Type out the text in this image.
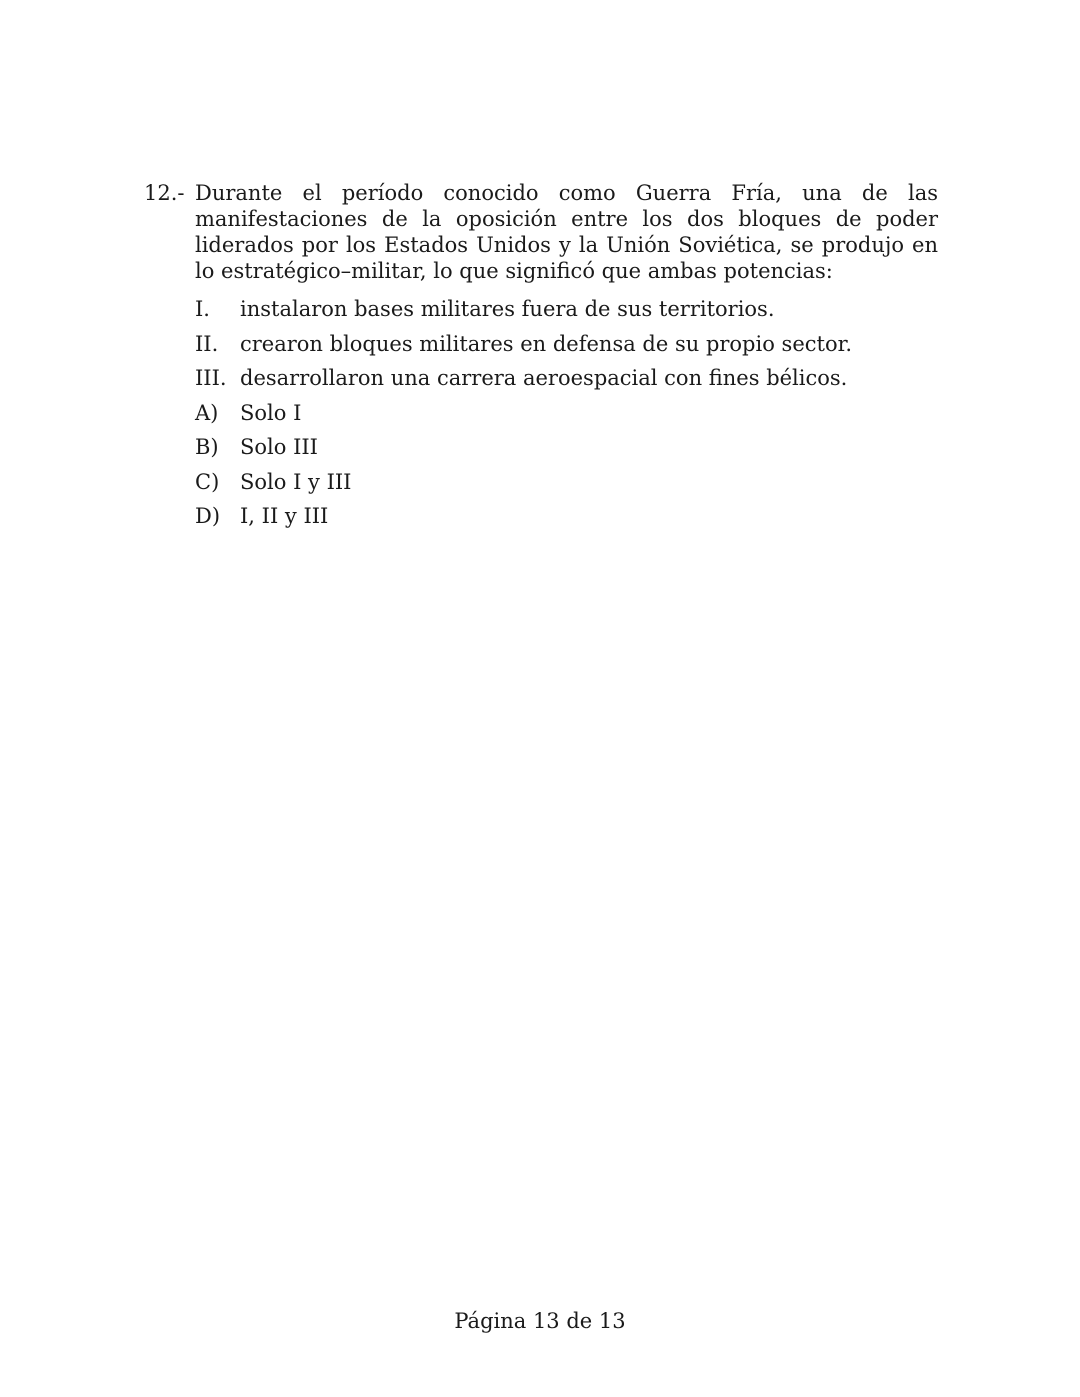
12.- Durante el período conocido como Guerra Fría, una de las manifestaciones de la oposición entre los dos bloques de poder liderados por los Estados Unidos y la Unión Soviética, se produjo en lo estratégico–militar, lo que significó que ambas potencias:
I.	instalaron bases militares fuera de sus territorios.
II.	crearon bloques militares en defensa de su propio sector.
III. desarrollaron una carrera aeroespacial con fines bélicos.
A)	Solo I
B)	Solo III
C) Solo I y III
D) I, II y III
Página 13 de 13
